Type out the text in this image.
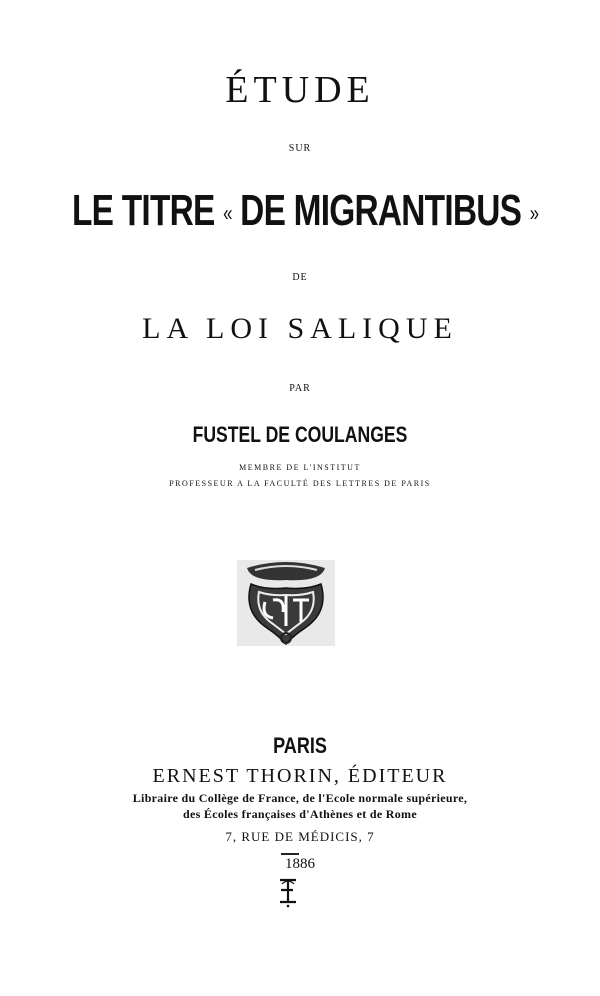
ÉTUDE
SUR
LE TITRE « DE MIGRANTIBUS »
DE
LA LOI SALIQUE
PAR
FUSTEL DE COULANGES
MEMBRE DE L'INSTITUT
PROFESSEUR A LA FACULTÉ DES LETTRES DE PARIS
PARIS
ERNEST THORIN, ÉDITEUR
Libraire du Collège de France, de l'Ecole normale supérieure,
des Écoles françaises d'Athènes et de Rome
7, RUE DE MÉDICIS, 7
1886
